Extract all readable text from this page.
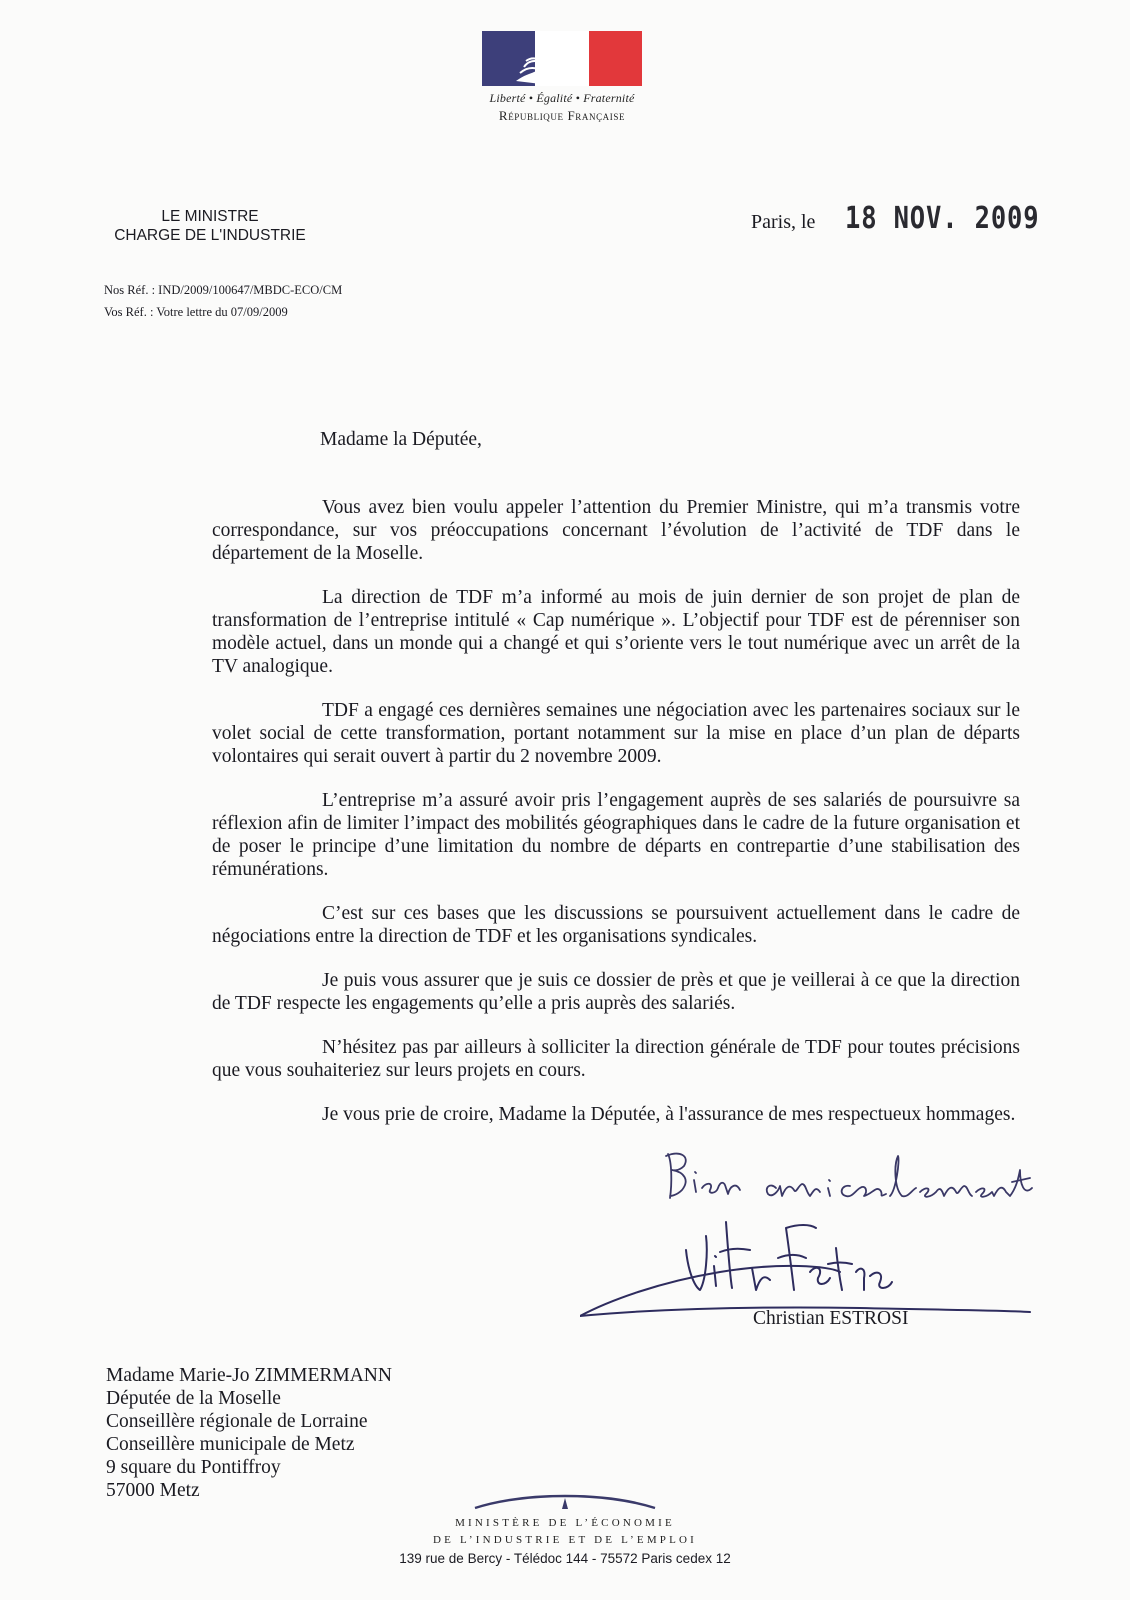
Liberté • Égalité • Fraternité
République Française
LE MINISTRE
CHARGE DE L'INDUSTRIE
Paris, le 18 NOV. 2009
Nos Réf. : IND/2009/100647/MBDC-ECO/CM
Vos Réf. : Votre lettre du 07/09/2009
Madame la Députée,

Vous avez bien voulu appeler l’attention du Premier Ministre, qui m’a transmis votre correspondance, sur vos préoccupations concernant l’évolution de l’activité de TDF dans le département de la Moselle.

La direction de TDF m’a informé au mois de juin dernier de son projet de plan de transformation de l’entreprise intitulé « Cap numérique ». L’objectif pour TDF est de pérenniser son modèle actuel, dans un monde qui a changé et qui s’oriente vers le tout numérique avec un arrêt de la TV analogique.

TDF a engagé ces dernières semaines une négociation avec les partenaires sociaux sur le volet social de cette transformation, portant notamment sur la mise en place d’un plan de départs volontaires qui serait ouvert à partir du 2 novembre 2009.

L’entreprise m’a assuré avoir pris l’engagement auprès de ses salariés de poursuivre sa réflexion afin de limiter l’impact des mobilités géographiques dans le cadre de la future organisation et de poser le principe d’une limitation du nombre de départs en contrepartie d’une stabilisation des rémunérations.

C’est sur ces bases que les discussions se poursuivent actuellement dans le cadre de négociations entre la direction de TDF et les organisations syndicales.

Je puis vous assurer que je suis ce dossier de près et que je veillerai à ce que la direction de TDF respecte les engagements qu’elle a pris auprès des salariés.

N’hésitez pas par ailleurs à solliciter la direction générale de TDF pour toutes précisions que vous souhaiteriez sur leurs projets en cours.

Je vous prie de croire, Madame la Députée, à l'assurance de mes respectueux hommages.

Christian ESTROSI
Madame Marie-Jo ZIMMERMANN
Députée de la Moselle
Conseillère régionale de Lorraine
Conseillère municipale de Metz
9 square du Pontiffroy
57000 Metz
MINISTÈRE DE L’ÉCONOMIE
DE L’INDUSTRIE ET DE L’EMPLOI
139 rue de Bercy - Télédoc 144 - 75572 Paris cedex 12
